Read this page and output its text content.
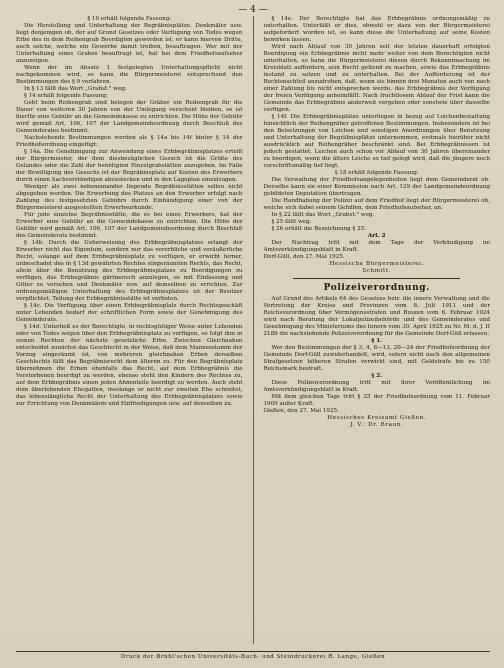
— 4 —

§ 10 erhält folgende Fassung:

Die Herstellung und Unterhaltung der Begräbnisplätze, Denkmäler usw. liegt denjenigen ob, der auf Grund Gesetzes oder Verfügung von Todes wegen Erbe des in dem Reihengrab Beerdigten geworden ist, er kann hiervon Dritte, auch solche, welche ein Gewerbe damit treiben, beauftragen. Wer mit der Unterhaltung eines Grabes beauftragt ist, hat bei dem Friedhofsaufseher anzuzeigen.

Wenn der im Absatz 1 festgelegten Unterhaltungspflicht nicht nachgekommen wird, so kann die Bürgermeisterei entsprechend den Bestimmungen des § 9 verfahren.

In § 13 fällt das Wort „Grabst." weg.

§ 14 erhält folgende Fassung:

Gebt beim Reihengrab sind belegen der Gräber ein Reihengrab für die Dauer von weiteren 30 Jahren von der Umlegung verschont bleiben, so ist hierfür eine Gebühr an die Gemeindekasse zu entrichten. Die Höhe der Gebühr wird gemäß Art. 106, 107 der Landgemeindeordnung durch Beschluß des Gemeinderates bestimmt.

Nachstehende Bestimmungen werden als § 14a bis 14f hinter § 14 der Friedhofsordnung eingefügt:

§ 14a. Die Genehmigung zur Anwendung eines Erbbegräbnisplatzes erteilt der Bürgermeister, der dem diesbezüglichen Gesuch ist die Größe des Gelandes oder die Zahl der benötigten Einzelgrabstätten anzugeben. Im Falle der Bewilligung des Gesuchs ist der Begräbnisplatz auf Kosten des Erwerbers durch einen Sachverständigen abzustecken und in den Lageplan einzutragen.

Weniger als zwei nebeneinander liegende Begräbnisstätten sollen nicht abgegeben werden. Die Erwerbung des Platzes an den Erwerber erfolgt nach Zahlung des festgesetzten Gebührs durch Einhändigung einer von der Bürgermeisterei ausgestellten Erwerbsurkunde.

Für jede einzelne Begräbnisstätte, die es bei eines Erwerbers, hat der Erwerber eine Gebühr an die Gemeindekasse zu entrichten. Die Höhe der Gebühr wird gemäß Art. 106, 107 der Landgemeindeordnung durch Beschluß des Gemeinderats bestimmt.

§ 14b. Durch die Ueberweisung des Erbbegräbnisplatzes erlangt der Erwerber nicht das Eigentum, sondern nur das vererbliche und veräußerliche Recht, solange auf dem Erbbegräbnisplatz zu verfügen, er erwirbt ferner, unbeschadet des in § 13d gewährten Rechtes eingeräumten Rechts, das Recht, allein über die Benutzung des Erbbegräbnisplatzes zu Beerdigungen zu verfügen, das Erbbegräbnis gärtnerisch anzulegen, es mit Einfassung und Gitter zu versehen und Denkmäler usw. auf demselben zu errichten. Zur ordnungsmäßigen Unterhaltung des Erbbegräbnisplatzes ist der Besitzer verpflichtet. Teilung der Erbbegräbnisstätte ist verboten.

§ 14c. Die Verfügung über einen Erbbegräbnisplatz durch Rechtsgeschäft unter Lebenden bedarf der schriftlichen Form sowie der Genehmigung des Gemeinderats.

§ 14d. Unterließ es der Berechtigte, in rechtsgültiger Weise unter Lebenden oder von Todes wegen über den Erbbegräbnisplatz zu verfügen, so folgt ihm in seinen Rechten der nächste gesetzliche Erbe. Zwischen Gleichnahen entscheidet zunächst das Geschlecht in der Weise, daß dem Mannesstamm der Vorzug eingeräumt ist, von mehreren gleichnahen Erben derselben Geschlechts fällt das Begräbnisrecht dem älteren zu. Für den Begräbnisplatz übernehmen die Erben ebenfalls das Recht, auf dem Erbbegräbnis die Verstorbenen beerdigt zu werden, ebenso steht den Kindern des Rechtes zu, auf dem Erbbegräbnis einen jeden Ahnenteile beerdigt zu werden. Auch steht dem überlebenden Ehegatten, insolange er nicht zur zweiten Ehe schreitet, das lebenslängliche Recht der Unterhaltung des Erbbegräbnisplatzes sowie zur Errichtung von Denkmälern und Einfriedigungen usw. auf denselben zu.

§ 14e. Der Berechtigte hat das Erbbegräbnis ordnungsmäßig zu unterhalten. Unterläßt er dies, obwohl er dazu von der Bürgermeisterei aufgefordert worden ist, so kann diese die Unterhaltung auf seine Kosten bewirken lassen.

Wird nach Ablauf von 30 Jahren seit der letzten dauerhaft erfolgten Beerdigung ein Erbbegräbnis nicht mehr weiter von dem Berechtigten nicht unterhalten, so kann die Bürgermeisterei diesen durch Bekanntmachung im Kreisblatt auffordern, sein Recht geltend zu machen, sowie das Erbbegräbnis instand zu setzen und zu unterhalten. Bei der Aufforderung ist der Rechtsnachteil anzudrohen, daß, wenn sie binnen drei Monaten auch von nach einer Zahlung bis nicht entsprechen werde, das Erbbegräbnis der Verfügung der freien Verfügung anheimfällt. Nach fruchtlosem Ablauf der Frist kann die Gemeinde das Erbbegräbnis anderweit vergeben oder sonstwie über dasselbe verfügen.

§ 14f. Die Erbbegräbnisplätze unterliegen in bezug auf Leichenbestattung hinsichtlich der Reihengräber getroffenen Bestimmungen. Insbesondere ist bei den Beisetzungen von Leichen und sonstigen Anordnungen über Benutzung und Unterhaltung der Begräbnisplätze unternommen, erstmals hierüber nicht ausdrücklich auf Reihengräber beschränkt sind. Bei Erbbegräbnissen ist jedoch gestattet, Leichen auch schon vor Ablauf von 30 Jahren übereinander zu beerdigen, wenn die ältere Leiche so tief gelegt wird, daß die jüngere noch vorschriftsmäßig tief liegt.

§ 18 erhält folgende Fassung:

Die Verwaltung der Friedhofsangelegenheiten liegt dem Gemeinderat ob. Derselbe kann sie einer Kommission nach Art. 129 der Landgemeindeordnung gebildeten Deputation übertragen.

Die Handhabung der Polizei auf dem Friedhof liegt der Bürgermeisterei ob, welche sich dabei seinem Gehilfen, dem Friedhofsaufseher, an.

In § 22 fällt das Wort „Grabst." weg.

§ 25 fällt weg.

§ 26 erhält die Bezeichnung § 25.

Art. 2

Der Nachtrag tritt mit dem Tage der Verkündigung im Amtsverkündigungsblatt in Kraft.

Dorf-Güll, den 27. Mai 1925.

Hessische Bürgermeisterei.

Schmitt.

Polizeiverordnung.

Auf Grund des Artikels 64 des Gesetzes betr. die innere Verwaltung und die Vertretung der Kreise und Provinzen vom 8. Juli 1911 und der Reichsverordnung über Vermögensstrafen und Buszen vom 6. Februar 1924 wird nach Beratung der Lokalpolizeibehörde und des Gemeinderates und Genehmigung des Ministeriums des Innern vom 30. April 1925 zu Nr. M. d. J. II 2189 die nachstehende Polizeiverordnung für die Gemeinde Dorf-Güll erlassen:

§ 1.

Wer den Bestimmungen der § 3, 4, 8—13, 20—24 der Friedhofsordnung der Gemeinde Dorf-Güll zuwiderhandelt, wird, sofern nicht nach den allgemeinen Strafgesetzen höheren Strafen verwirkt sind, mit Geldstrafe bis zu 150 Reichsmark bestraft.

§ 2.

Diese Polizeiverordnung tritt mit ihrer Veröffentlichung im Amtsverkündigungsblatt in Kraft.

Mit dem gleichen Tage tritt § 25 der Friedhofsordnung vom 11. Februar 1909 außer Kraft.

Gießen, den 27. Mai 1925.

Hessisches Kreisamt Gießen.

J. V.: Dr. Braun.

Druck der Brühl'schen Universitäts-Buch- und Steindruckerei R. Lange, Gießen
